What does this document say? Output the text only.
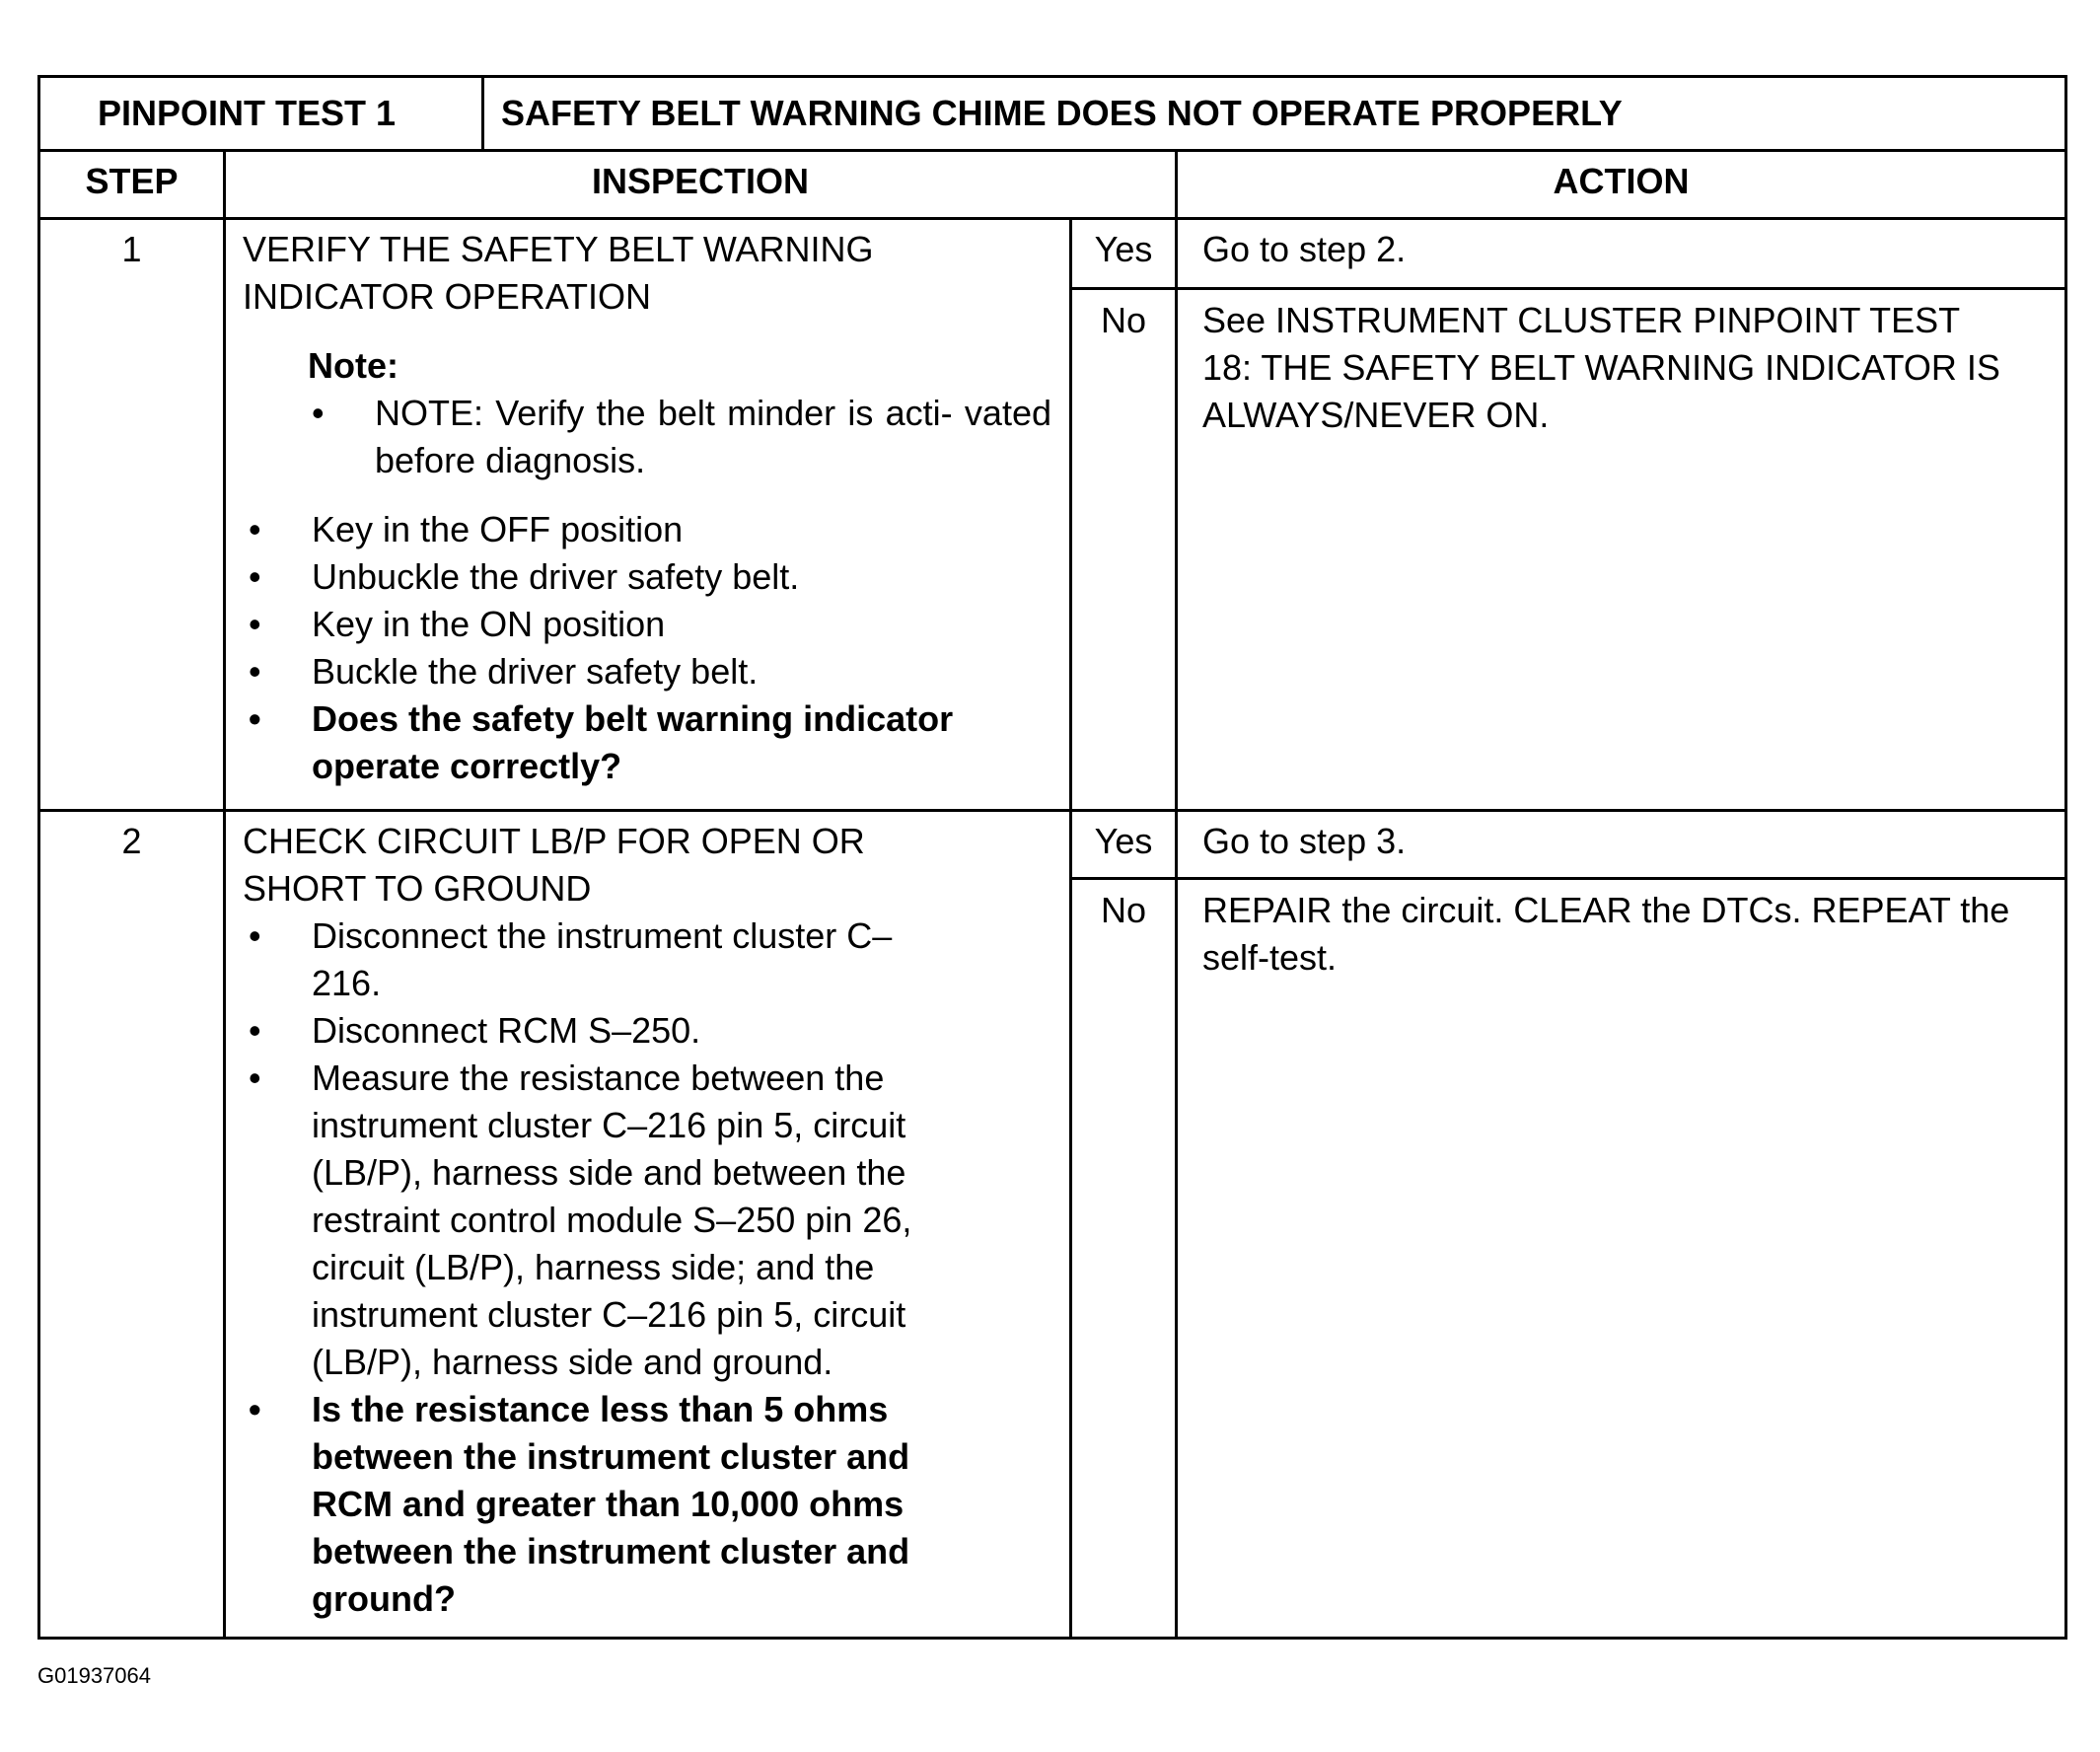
PINPOINT TEST 1	SAFETY BELT WARNING CHIME DOES NOT OPERATE PROPERLY
STEP	INSPECTION	ACTION
1	VERIFY THE SAFETY BELT WARNING INDICATOR OPERATION
Note:
• NOTE: Verify the belt minder is acti- vated before diagnosis.
• Key in the OFF position
• Unbuckle the driver safety belt.
• Key in the ON position
• Buckle the driver safety belt.
• Does the safety belt warning indicator operate correctly?
Yes	Go to step 2.
No	See INSTRUMENT CLUSTER PINPOINT TEST 18: THE SAFETY BELT WARNING INDICATOR IS ALWAYS/NEVER ON.
2	CHECK CIRCUIT LB/P FOR OPEN OR SHORT TO GROUND
• Disconnect the instrument cluster C–216.
• Disconnect RCM S–250.
• Measure the resistance between the instrument cluster C–216 pin 5, circuit (LB/P), harness side and between the restraint control module S–250 pin 26, circuit (LB/P), harness side; and the instrument cluster C–216 pin 5, circuit (LB/P), harness side and ground.
• Is the resistance less than 5 ohms between the instrument cluster and RCM and greater than 10,000 ohms between the instrument cluster and ground?
Yes	Go to step 3.
No	REPAIR the circuit. CLEAR the DTCs. REPEAT the self-test.
G01937064
